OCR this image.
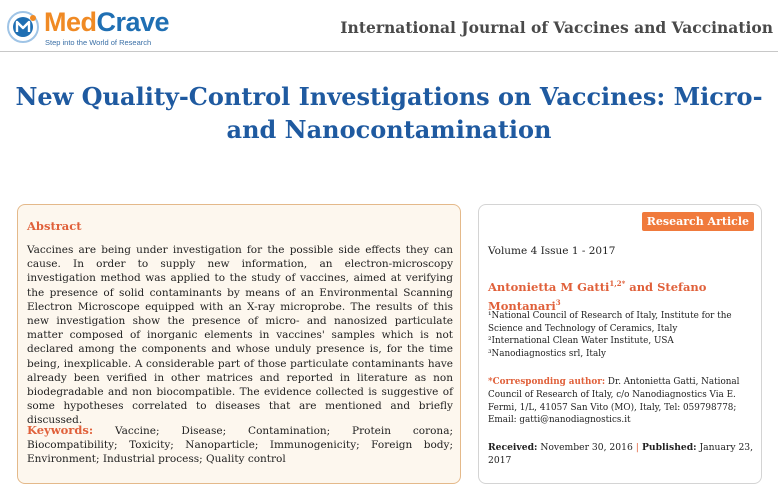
MedCrave
Step into the World of Research
International Journal of Vaccines and Vaccination
New Quality-Control Investigations on Vaccines: Micro- and Nanocontamination
Abstract
Vaccines are being under investigation for the possible side effects they can cause. In order to supply new information, an electron-microscopy investigation method was applied to the study of vaccines, aimed at verifying the presence of solid contaminants by means of an Environmental Scanning Electron Microscope equipped with an X-ray microprobe. The results of this new investigation show the presence of micro- and nanosized particulate matter composed of inorganic elements in vaccines' samples which is not declared among the components and whose unduly presence is, for the time being, inexplicable. A considerable part of those particulate contaminants have already been verified in other matrices and reported in literature as non biodegradable and non biocompatible. The evidence collected is suggestive of some hypotheses correlated to diseases that are mentioned and briefly discussed.
Keywords: Vaccine; Disease; Contamination; Protein corona; Biocompatibility; Toxicity; Nanoparticle; Immunogenicity; Foreign body; Environment; Industrial process; Quality control
Research Article
Volume 4 Issue 1 - 2017
Antonietta M Gatti$^{1,2*}$ and Stefano
Montanari$^3$
¹National Council of Research of Italy, Institute for the Science and Technology of Ceramics, Italy
²International Clean Water Institute, USA
³Nanodiagnostics srl, Italy
*Corresponding author: Dr. Antonietta Gatti, National Council of Research of Italy, c/o Nanodiagnostics Via E. Fermi, 1/L, 41057 San Vito (MO), Italy, Tel: 059798778; Email: gatti@nanodiagnostics.it
Received: November 30, 2016 | Published: January 23, 2017
